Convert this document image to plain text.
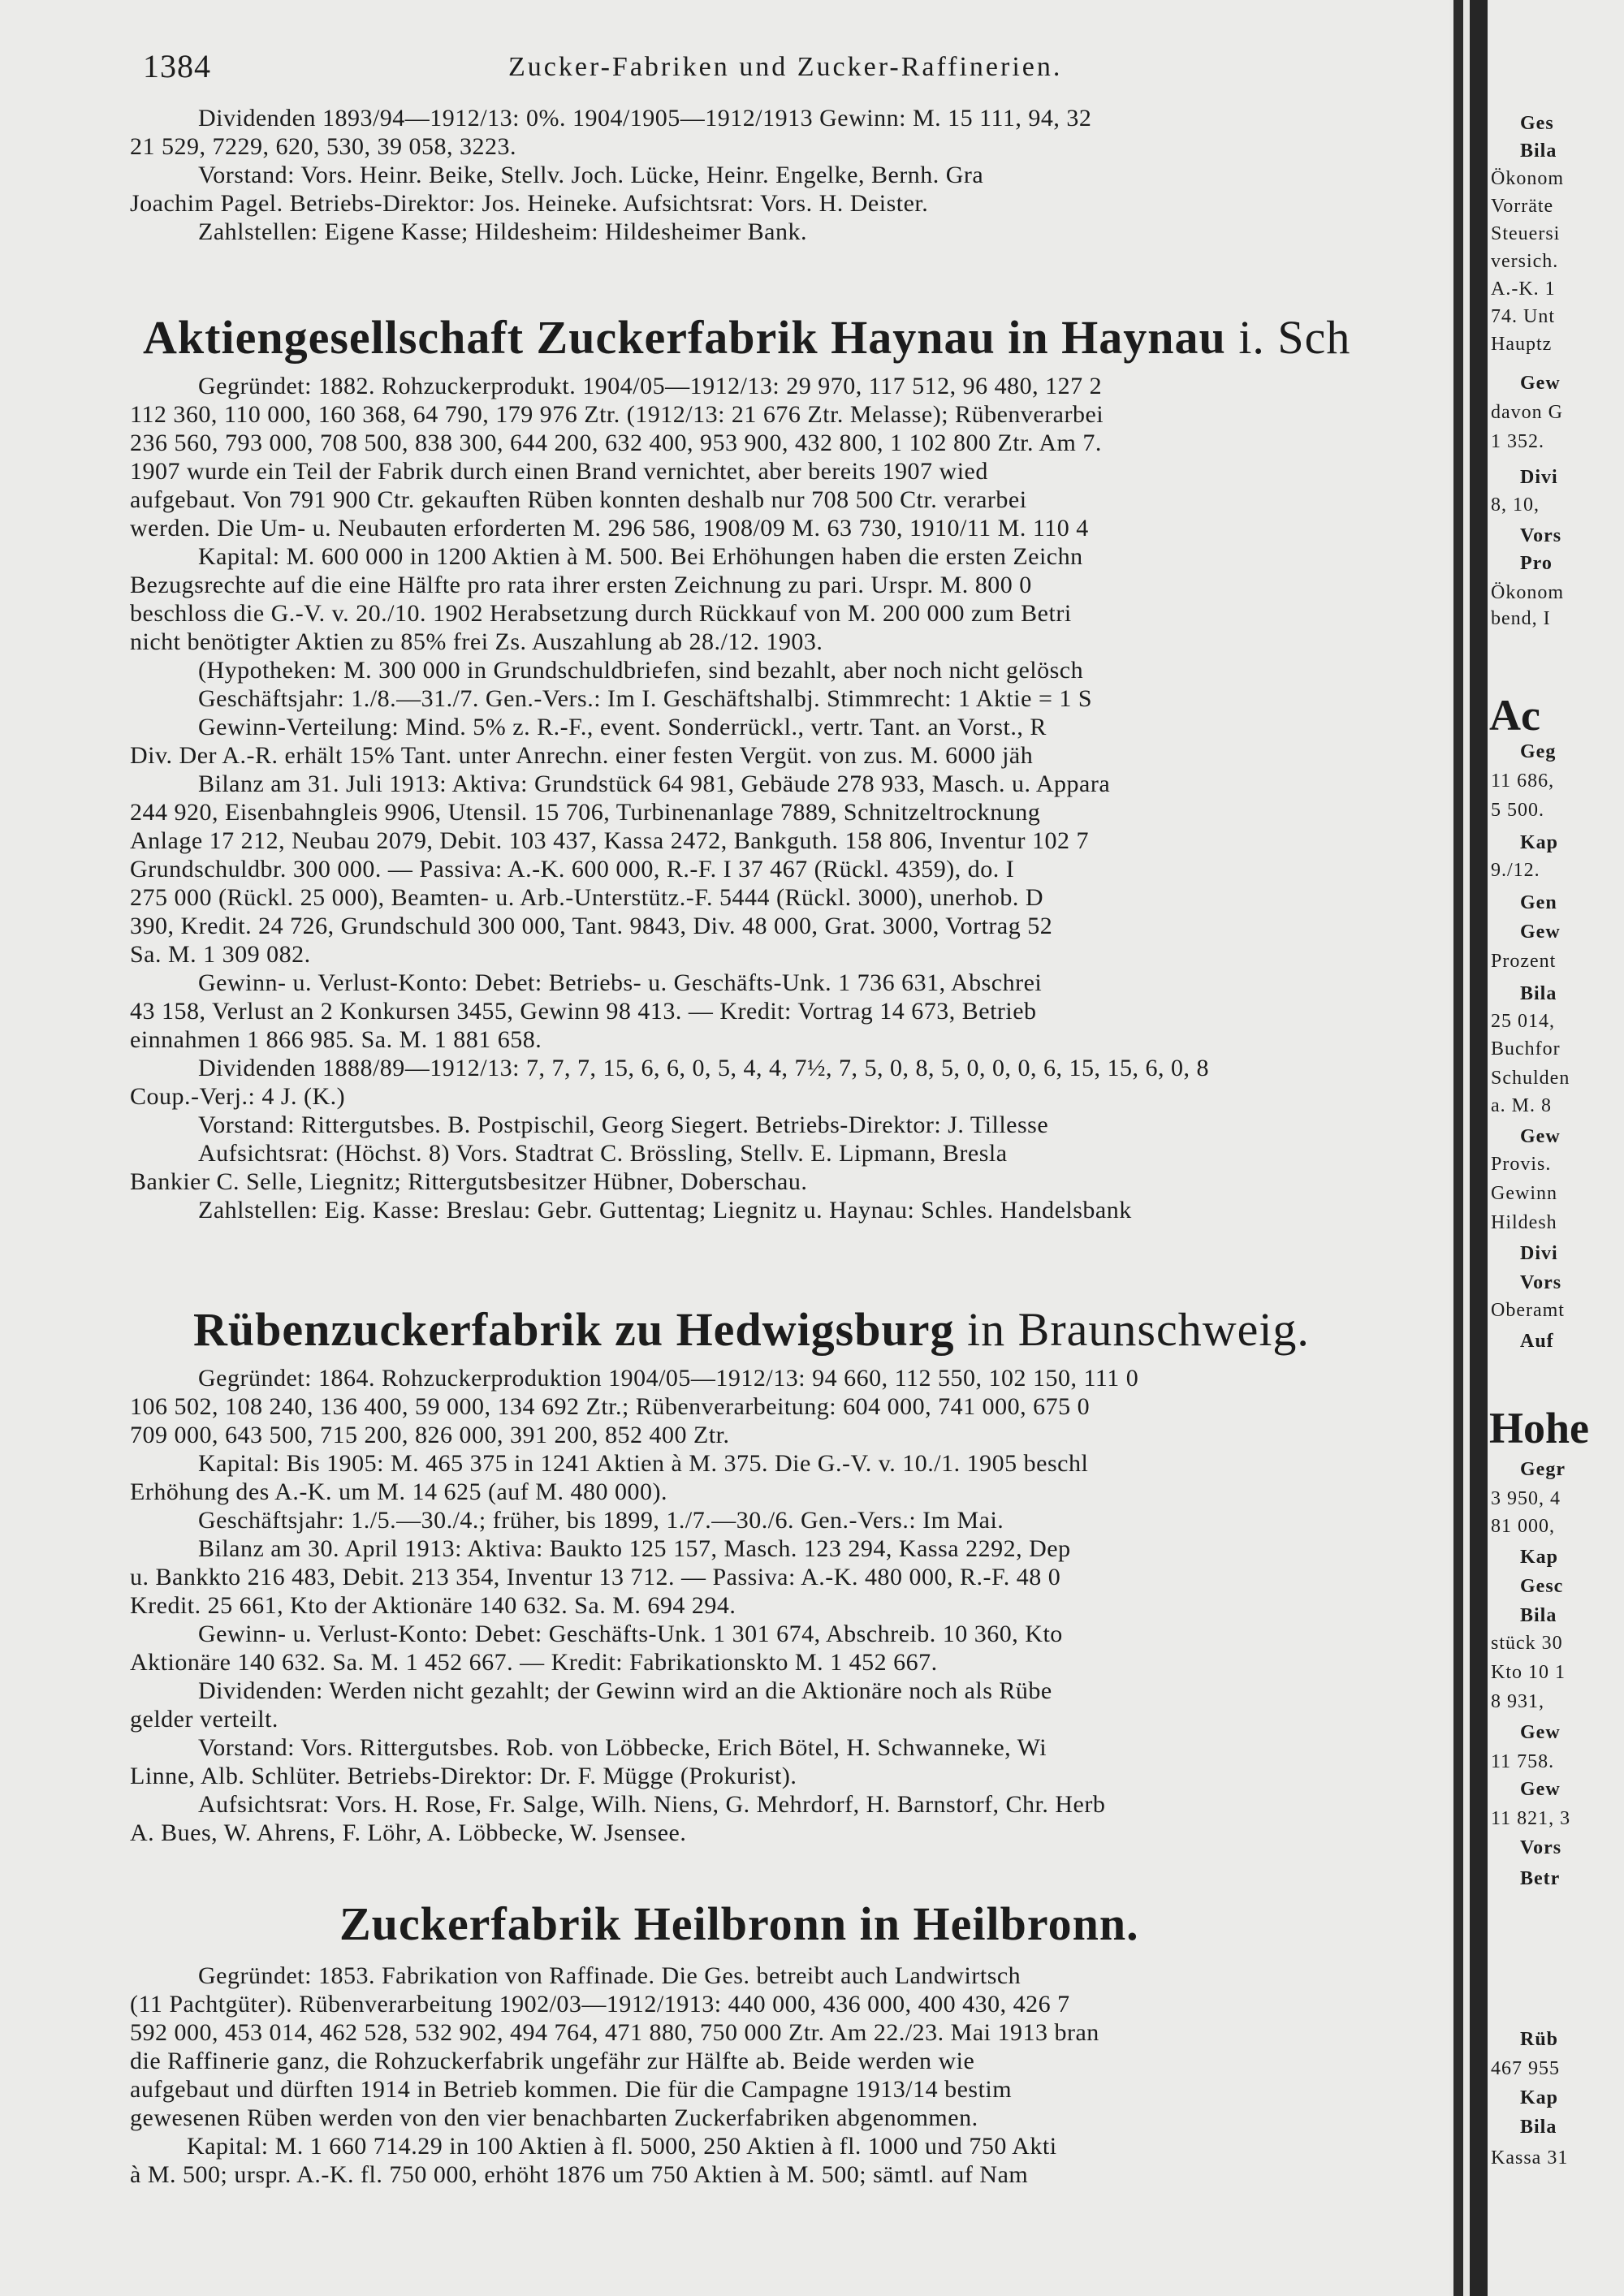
1384	Zucker-Fabriken und Zucker-Raffinerien.
Dividenden 1893/94—1912/13: 0%. 1904/1905—1912/1913 Gewinn: M. 15 111, 94, 32
21 529, 7229, 620, 530, 39 058, 3223.
Vorstand: Vors. Heinr. Beike, Stellv. Joch. Lücke, Heinr. Engelke, Bernh. Gra
Joachim Pagel. Betriebs-Direktor: Jos. Heineke. Aufsichtsrat: Vors. H. Deister.
Zahlstellen: Eigene Kasse; Hildesheim: Hildesheimer Bank.
Aktiengesellschaft Zuckerfabrik Haynau in Haynau i. Sch
Gegründet: 1882. Rohzuckerprodukt. 1904/05—1912/13: 29 970, 117 512, 96 480, 127 2
112 360, 110 000, 160 368, 64 790, 179 976 Ztr. (1912/13: 21 676 Ztr. Melasse); Rübenverarbei
236 560, 793 000, 708 500, 838 300, 644 200, 632 400, 953 900, 432 800, 1 102 800 Ztr. Am 7.
1907 wurde ein Teil der Fabrik durch einen Brand vernichtet, aber bereits 1907 wied
aufgebaut. Von 791 900 Ctr. gekauften Rüben konnten deshalb nur 708 500 Ctr. verarbei
werden. Die Um- u. Neubauten erforderten M. 296 586, 1908/09 M. 63 730, 1910/11 M. 110 4
Kapital: M. 600 000 in 1200 Aktien à M. 500. Bei Erhöhungen haben die ersten Zeichn
Bezugsrechte auf die eine Hälfte pro rata ihrer ersten Zeichnung zu pari. Urspr. M. 800 0
beschloss die G.-V. v. 20./10. 1902 Herabsetzung durch Rückkauf von M. 200 000 zum Betri
nicht benötigter Aktien zu 85% frei Zs. Auszahlung ab 28./12. 1903.
(Hypotheken: M. 300 000 in Grundschuldbriefen, sind bezahlt, aber noch nicht gelösch
Geschäftsjahr: 1./8.—31./7. Gen.-Vers.: Im I. Geschäftshalbj. Stimmrecht: 1 Aktie = 1 S
Gewinn-Verteilung: Mind. 5% z. R.-F., event. Sonderrückl., vertr. Tant. an Vorst., R
Div. Der A.-R. erhält 15% Tant. unter Anrechn. einer festen Vergüt. von zus. M. 6000 jäh
Bilanz am 31. Juli 1913: Aktiva: Grundstück 64 981, Gebäude 278 933, Masch. u. Appara
244 920, Eisenbahngleis 9906, Utensil. 15 706, Turbinenanlage 7889, Schnitzeltrocknung
Anlage 17 212, Neubau 2079, Debit. 103 437, Kassa 2472, Bankguth. 158 806, Inventur 102 7
Grundschuldbr. 300 000. — Passiva: A.-K. 600 000, R.-F. I 37 467 (Rückl. 4359), do. I
275 000 (Rückl. 25 000), Beamten- u. Arb.-Unterstütz.-F. 5444 (Rückl. 3000), unerhob. D
390, Kredit. 24 726, Grundschuld 300 000, Tant. 9843, Div. 48 000, Grat. 3000, Vortrag 52
Sa. M. 1 309 082.
Gewinn- u. Verlust-Konto: Debet: Betriebs- u. Geschäfts-Unk. 1 736 631, Abschrei
43 158, Verlust an 2 Konkursen 3455, Gewinn 98 413. — Kredit: Vortrag 14 673, Betrieb
einnahmen 1 866 985. Sa. M. 1 881 658.
Dividenden 1888/89—1912/13: 7, 7, 7, 15, 6, 6, 0, 5, 4, 4, 7½, 7, 5, 0, 8, 5, 0, 0, 0, 6, 15, 15, 6, 0, 8
Coup.-Verj.: 4 J. (K.)
Vorstand: Rittergutsbes. B. Postpischil, Georg Siegert. Betriebs-Direktor: J. Tillesse
Aufsichtsrat: (Höchst. 8) Vors. Stadtrat C. Brössling, Stellv. E. Lipmann, Bresla
Bankier C. Selle, Liegnitz; Rittergutsbesitzer Hübner, Doberschau.
Zahlstellen: Eig. Kasse: Breslau: Gebr. Guttentag; Liegnitz u. Haynau: Schles. Handelsbank
Rübenzuckerfabrik zu Hedwigsburg in Braunschweig.
Gegründet: 1864. Rohzuckerproduktion 1904/05—1912/13: 94 660, 112 550, 102 150, 111 0
106 502, 108 240, 136 400, 59 000, 134 692 Ztr.; Rübenverarbeitung: 604 000, 741 000, 675 0
709 000, 643 500, 715 200, 826 000, 391 200, 852 400 Ztr.
Kapital: Bis 1905: M. 465 375 in 1241 Aktien à M. 375. Die G.-V. v. 10./1. 1905 beschl
Erhöhung des A.-K. um M. 14 625 (auf M. 480 000).
Geschäftsjahr: 1./5.—30./4.; früher, bis 1899, 1./7.—30./6. Gen.-Vers.: Im Mai.
Bilanz am 30. April 1913: Aktiva: Baukto 125 157, Masch. 123 294, Kassa 2292, Dep
u. Bankkto 216 483, Debit. 213 354, Inventur 13 712. — Passiva: A.-K. 480 000, R.-F. 48 0
Kredit. 25 661, Kto der Aktionäre 140 632. Sa. M. 694 294.
Gewinn- u. Verlust-Konto: Debet: Geschäfts-Unk. 1 301 674, Abschreib. 10 360, Kto
Aktionäre 140 632. Sa. M. 1 452 667. — Kredit: Fabrikationskto M. 1 452 667.
Dividenden: Werden nicht gezahlt; der Gewinn wird an die Aktionäre noch als Rübe
gelder verteilt.
Vorstand: Vors. Rittergutsbes. Rob. von Löbbecke, Erich Bötel, H. Schwanneke, Wi
Linne, Alb. Schlüter. Betriebs-Direktor: Dr. F. Mügge (Prokurist).
Aufsichtsrat: Vors. H. Rose, Fr. Salge, Wilh. Niens, G. Mehrdorf, H. Barnstorf, Chr. Herb
A. Bues, W. Ahrens, F. Löhr, A. Löbbecke, W. Jsensee.
Zuckerfabrik Heilbronn in Heilbronn.
Gegründet: 1853. Fabrikation von Raffinade. Die Ges. betreibt auch Landwirtsch
(11 Pachtgüter). Rübenverarbeitung 1902/03—1912/1913: 440 000, 436 000, 400 430, 426 7
592 000, 453 014, 462 528, 532 902, 494 764, 471 880, 750 000 Ztr. Am 22./23. Mai 1913 bran
die Raffinerie ganz, die Rohzuckerfabrik ungefähr zur Hälfte ab. Beide werden wie
aufgebaut und dürften 1914 in Betrieb kommen. Die für die Campagne 1913/14 bestim
gewesenen Rüben werden von den vier benachbarten Zuckerfabriken abgenommen.
Kapital: M. 1 660 714.29 in 100 Aktien à fl. 5000, 250 Aktien à fl. 1000 und 750 Akti
à M. 500; urspr. A.-K. fl. 750 000, erhöht 1876 um 750 Aktien à M. 500; sämtl. auf Nam
Ges
Bila
Ökonom
Vorräte
Steuersi
versich.
A.-K. 1
74. Unt
Hauptz
Gew
davon G
1 352.
Divi
8, 10,
Vors
Pro
Ökonom
bend, I
Ac
Geg
11 686,
5 500.
Kap
9./12.
Gen
Gew
Prozent
Bila
25 014,
Buchfor
Schulden
a. M. 8
Gew
Provis.
Gewinn
Hildesh
Divi
Vors
Oberamt
Auf
Hohe
Gegr
3 950, 4
81 000,
Kap
Gesc
Bila
stück 30
Kto 10 1
8 931,
Gew
11 758.
Gew
11 821, 3
Vors
Betr
Rüb
467 955
Kap
Bila
Kassa 31
